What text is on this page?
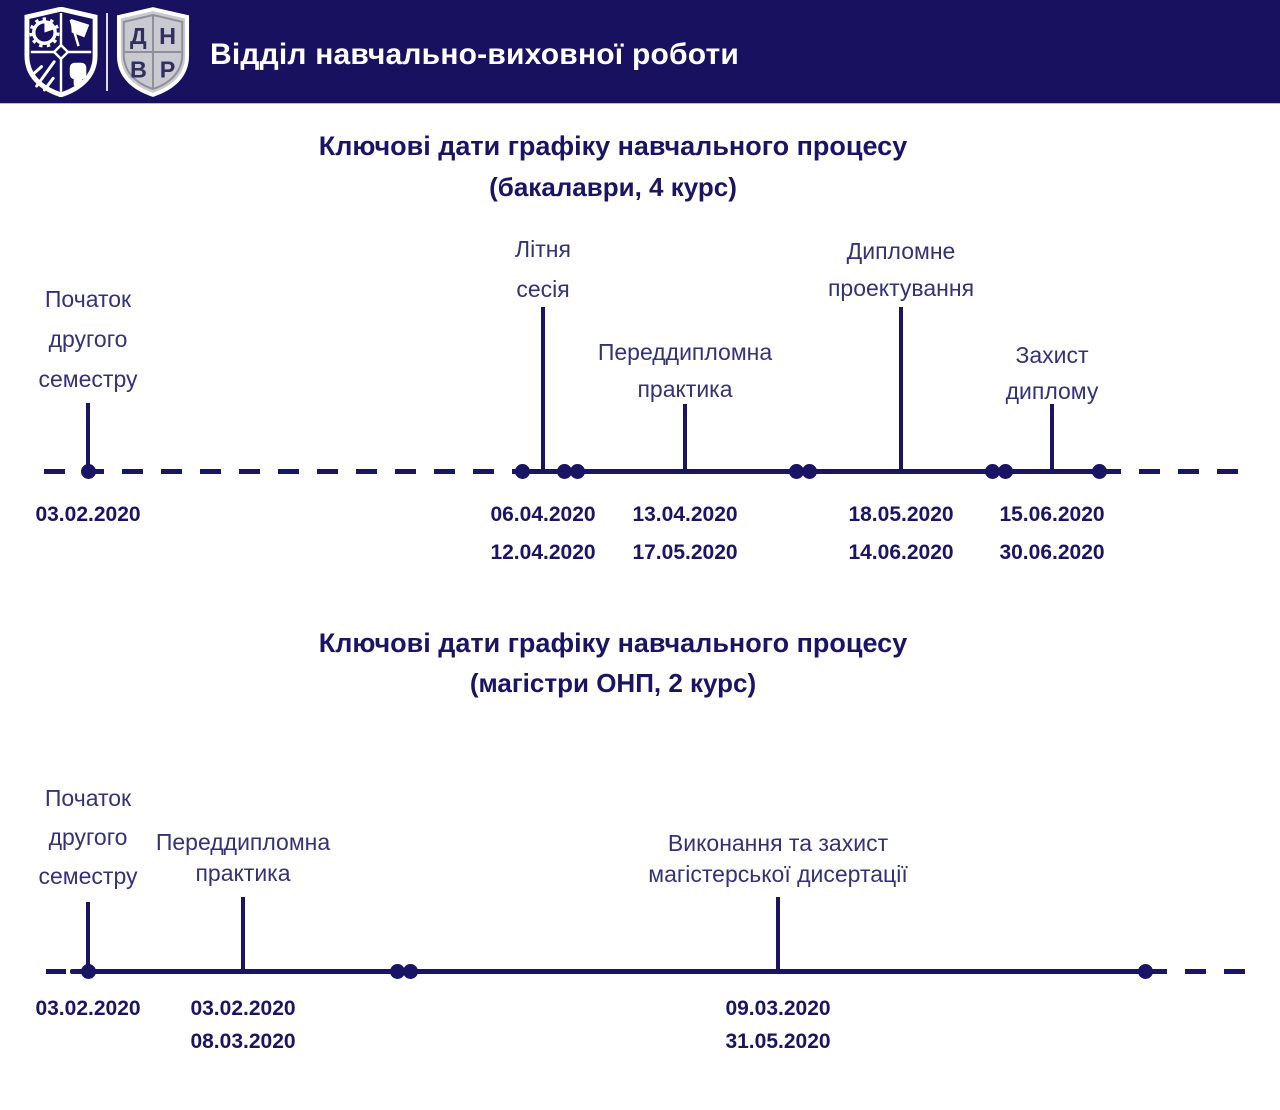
Д Н
В Р Відділ навчально-виховної роботи
Ключові дати графіку навчального процесу
(бакалаври, 4 курс)
Ключові дати графіку навчального процесу
(магістри ОНП, 2 курс)
Початок
другого
семестру
03.02.2020
Літня
сесія
06.04.2020
12.04.2020
Переддипломна
практика
13.04.2020
17.05.2020
Дипломне
проектування
18.05.2020
14.06.2020
Захист
диплому
15.06.2020
30.06.2020
Початок
другого
семестру
03.02.2020
Переддипломна
практика
03.02.2020
08.03.2020
Виконання та захист
магістерської дисертації
09.03.2020
31.05.2020
